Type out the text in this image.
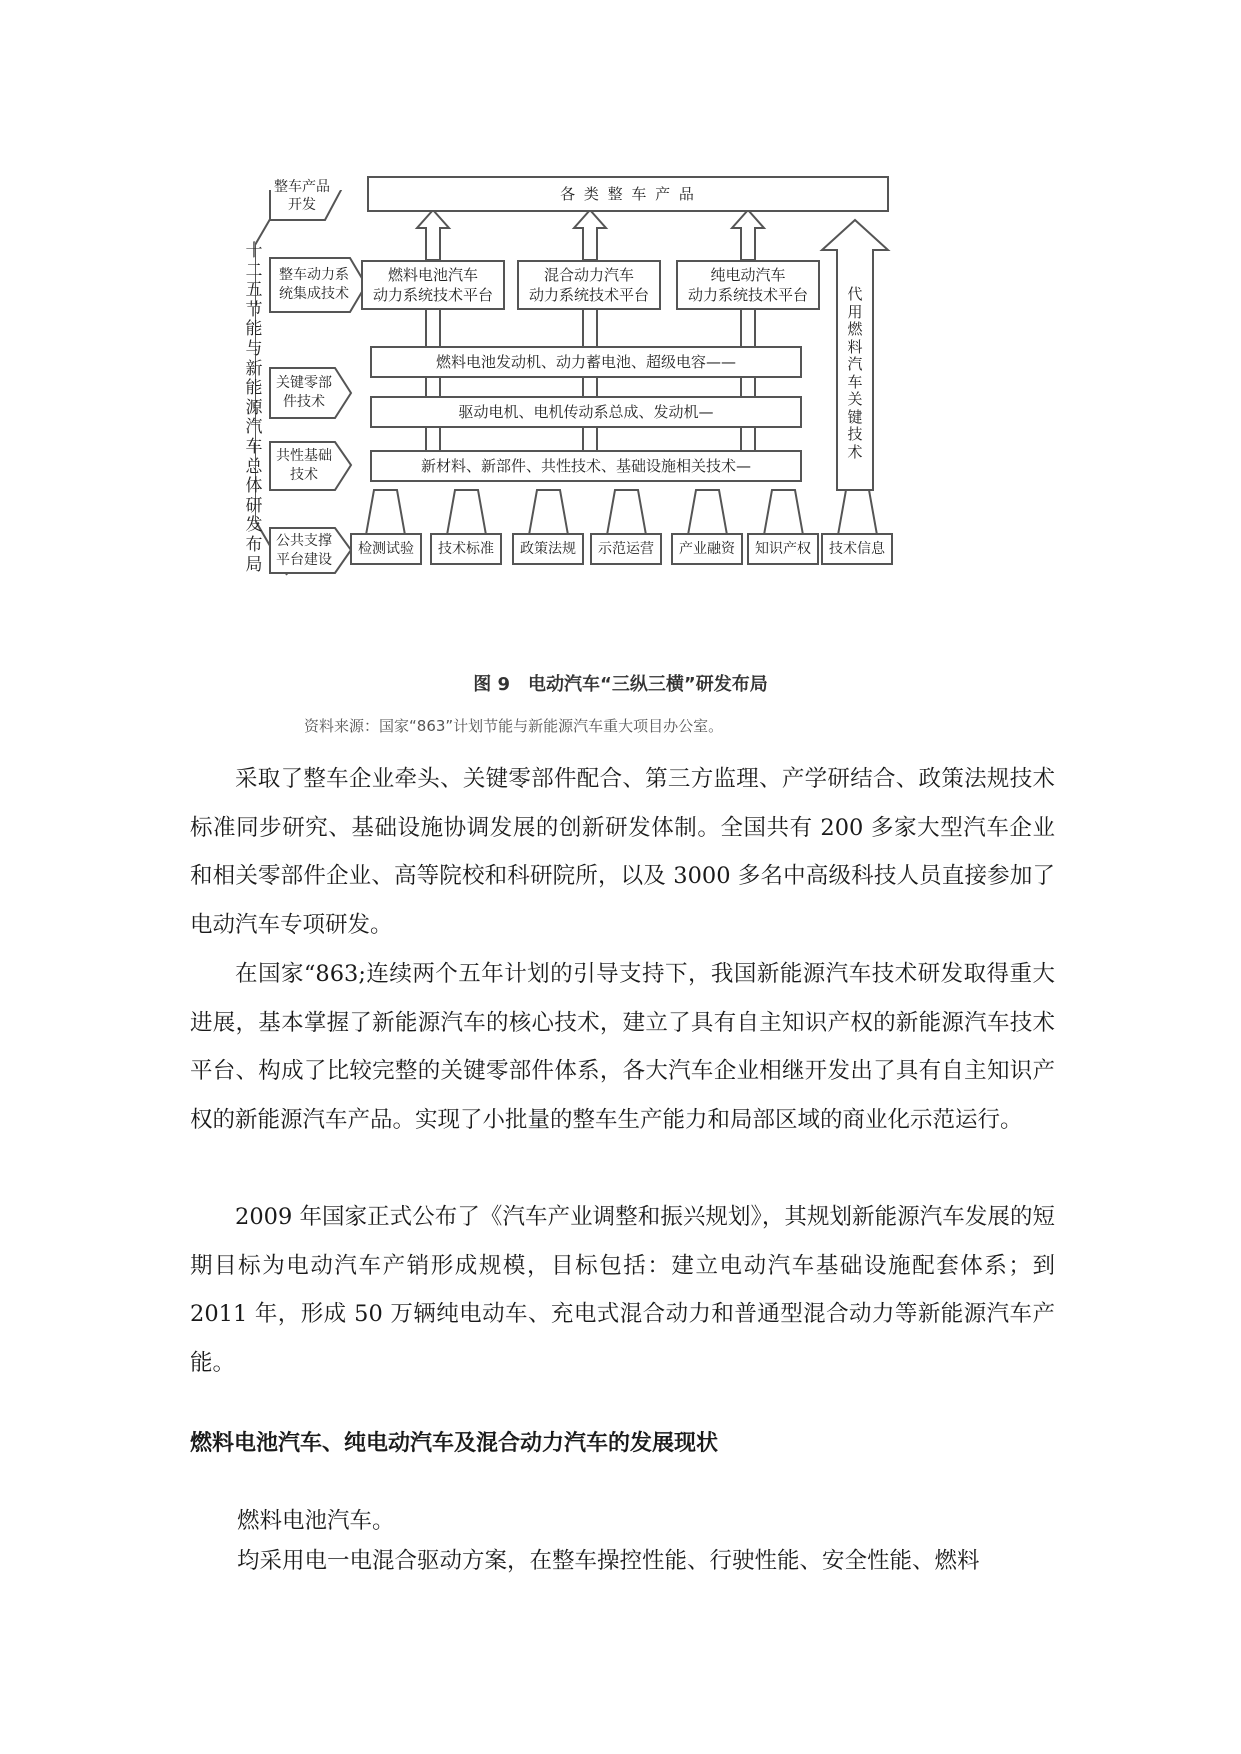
十二五节能与新能源汽车总体研发布局
整车产品开发
整车动力系统集成技术
关键零部件技术
共性基础技术
公共支撑平台建设
各 类 整 车 产 品
燃料电池汽车
动力系统技术平台
混合动力汽车
动力系统技术平台
纯电动汽车
动力系统技术平台
燃料电池发动机、动力蓄电池、超级电容——
驱动电机、电机传动系总成、发动机—
新材料、新部件、共性技术、基础设施相关技术—
代用燃料汽车关键技术
检测试验	技术标准	政策法规	示范运营	产业融资	知识产权	技术信息
图 9　电动汽车“三纵三横”研发布局
资料来源：国家“863”计划节能与新能源汽车重大项目办公室。

采取了整车企业牵头、关键零部件配合、第三方监理、产学研结合、政策法规技术标准同步研究、基础设施协调发展的创新研发体制。全国共有 200 多家大型汽车企业和相关零部件企业、高等院校和科研院所，以及 3000 多名中高级科技人员直接参加了电动汽车专项研发。

在国家“863;连续两个五年计划的引导支持下，我国新能源汽车技术研发取得重大进展，基本掌握了新能源汽车的核心技术，建立了具有自主知识产权的新能源汽车技术平台、构成了比较完整的关键零部件体系，各大汽车企业相继开发出了具有自主知识产权的新能源汽车产品。实现了小批量的整车生产能力和局部区域的商业化示范运行。

2009 年国家正式公布了《汽车产业调整和振兴规划》，其规划新能源汽车发展的短期目标为电动汽车产销形成规模，目标包括：建立电动汽车基础设施配套体系；到 2011 年，形成 50 万辆纯电动车、充电式混合动力和普通型混合动力等新能源汽车产能。

燃料电池汽车、纯电动汽车及混合动力汽车的发展现状
燃料电池汽车。
均采用电一电混合驱动方案，在整车操控性能、行驶性能、安全性能、燃料
